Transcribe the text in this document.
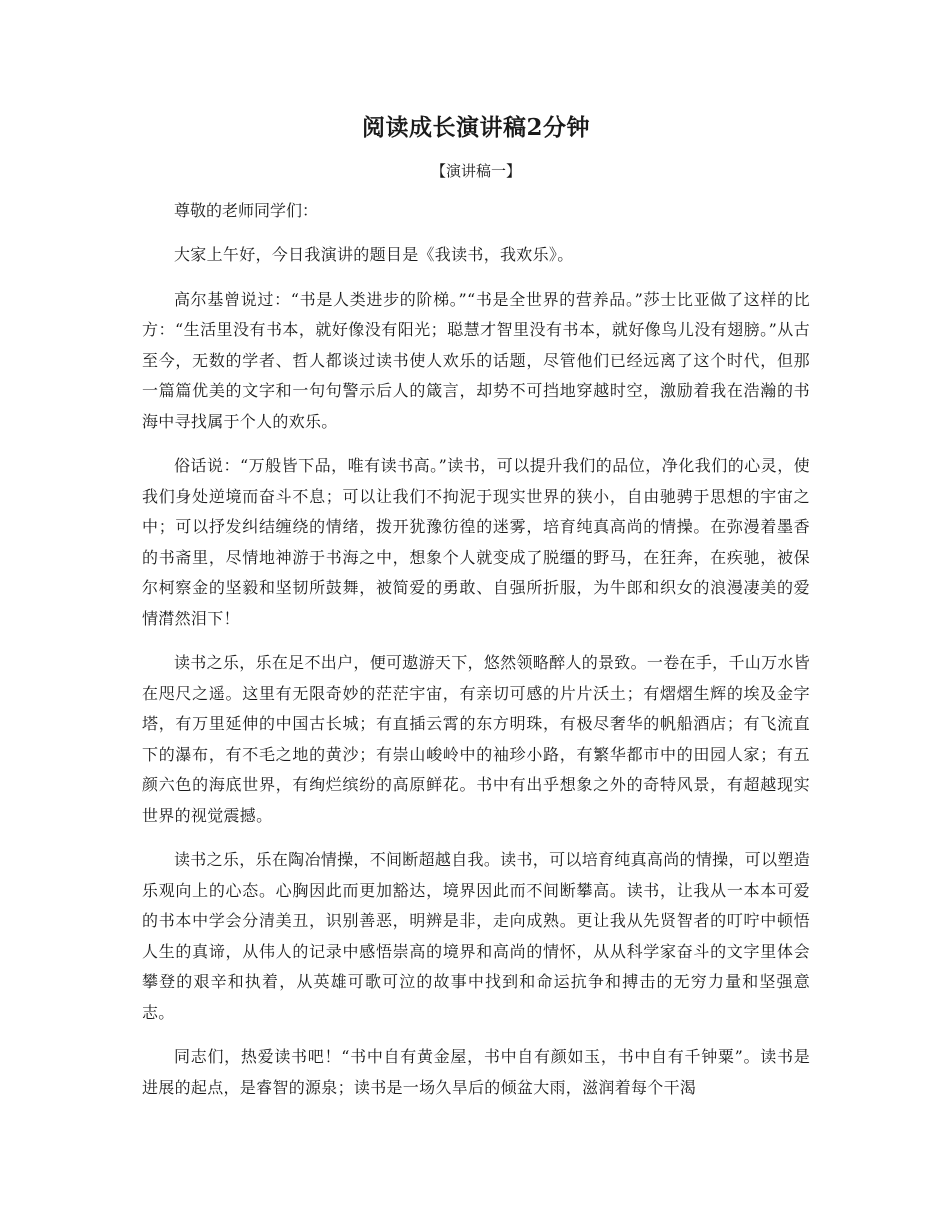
阅读成长演讲稿2分钟

【演讲稿一】

尊敬的老师同学们：

大家上午好，今日我演讲的题目是《我读书，我欢乐》。

高尔基曾说过：“书是人类进步的阶梯。”“书是全世界的营养品。”莎士比亚做了这样的比方：“生活里没有书本，就好像没有阳光；聪慧才智里没有书本，就好像鸟儿没有翅膀。”从古至今，无数的学者、哲人都谈过读书使人欢乐的话题，尽管他们已经远离了这个时代，但那一篇篇优美的文字和一句句警示后人的箴言，却势不可挡地穿越时空，激励着我在浩瀚的书海中寻找属于个人的欢乐。

俗话说：“万般皆下品，唯有读书高。”读书，可以提升我们的品位，净化我们的心灵，使我们身处逆境而奋斗不息；可以让我们不拘泥于现实世界的狭小，自由驰骋于思想的宇宙之中；可以抒发纠结缠绕的情绪，拨开犹豫彷徨的迷雾，培育纯真高尚的情操。在弥漫着墨香的书斋里，尽情地神游于书海之中，想象个人就变成了脱缰的野马，在狂奔，在疾驰，被保尔柯察金的坚毅和坚韧所鼓舞，被简爱的勇敢、自强所折服，为牛郎和织女的浪漫凄美的爱情潸然泪下！

读书之乐，乐在足不出户，便可遨游天下，悠然领略醉人的景致。一卷在手，千山万水皆在咫尺之遥。这里有无限奇妙的茫茫宇宙，有亲切可感的片片沃土；有熠熠生辉的埃及金字塔，有万里延伸的中国古长城；有直插云霄的东方明珠，有极尽奢华的帆船酒店；有飞流直下的瀑布，有不毛之地的黄沙；有崇山峻岭中的袖珍小路，有繁华都市中的田园人家；有五颜六色的海底世界，有绚烂缤纷的高原鲜花。书中有出乎想象之外的奇特风景，有超越现实世界的视觉震撼。

读书之乐，乐在陶冶情操，不间断超越自我。读书，可以培育纯真高尚的情操，可以塑造乐观向上的心态。心胸因此而更加豁达，境界因此而不间断攀高。读书，让我从一本本可爱的书本中学会分清美丑，识别善恶，明辨是非，走向成熟。更让我从先贤智者的叮咛中顿悟人生的真谛，从伟人的记录中感悟崇高的境界和高尚的情怀，从从科学家奋斗的文字里体会攀登的艰辛和执着，从英雄可歌可泣的故事中找到和命运抗争和搏击的无穷力量和坚强意志。

同志们，热爱读书吧！“书中自有黄金屋，书中自有颜如玉，书中自有千钟粟”。读书是进展的起点，是睿智的源泉；读书是一场久旱后的倾盆大雨，滋润着每个干渴
